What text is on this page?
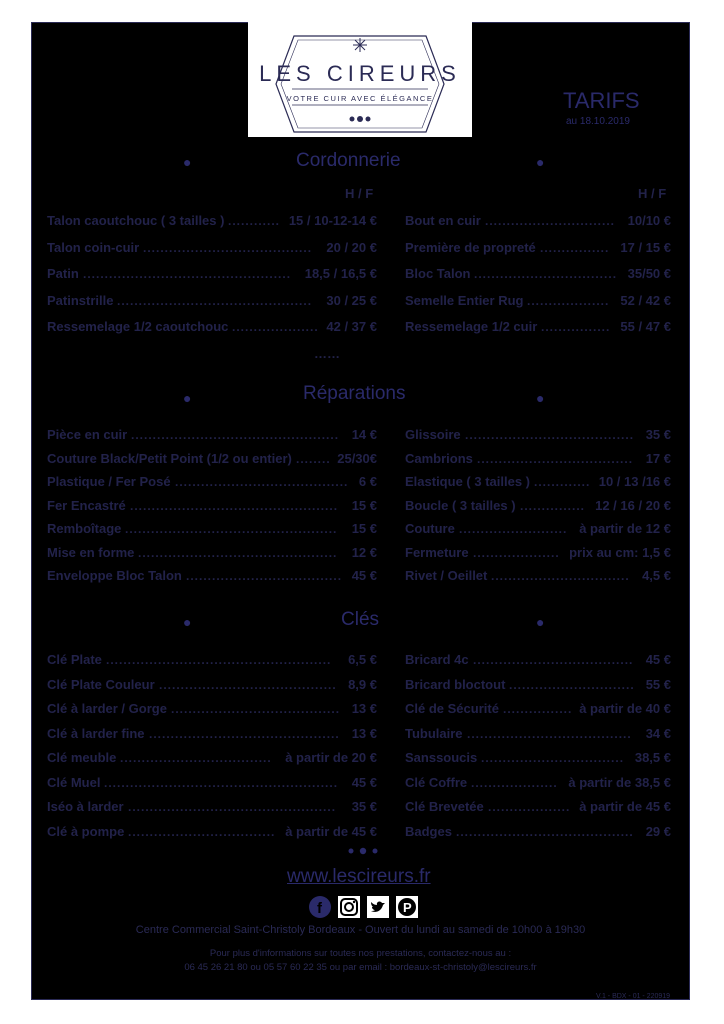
LES CIREURS
VOTRE CUIR AVEC ÉLÉGANCE	TARIFS
au 18.10.2019
●	Cordonnerie	●
H / F	H / F
Talon caoutchouc ( 3 tailles ) ............ 15 / 10-12-14 €
Talon coin-cuir .......................................	20 / 20 €
Patin ................................................	18,5 / 16,5 €
Patinstrille .............................................	30 / 25 €
Ressemelage 1/2 caoutchouc .................... 42 / 37 €
Bout en cuir .............................. 10/10 €
Première de propreté ................ 17 / 15 €
Bloc Talon ................................. 35/50 €
Semelle Entier Rug ................... 52 / 42 €
Ressemelage 1/2 cuir ................ 55 / 47 €
……
●	Réparations	●
Pièce en cuir ................................................ 14 €
Couture Black/Petit Point (1/2 ou entier) ........ 25/30€
Plastique / Fer Posé ........................................ 6 €
Fer Encastré ................................................	15 €
Remboîtage .................................................	15 €
Mise en forme ..............................................	12 €
Enveloppe Bloc Talon .................................... 45 €
Glissoire ....................................... 35 €
Cambrions .................................... 17 €
Elastique ( 3 tailles ) ............. 10 / 13 /16 €
Boucle ( 3 tailles ) ............... 12 / 16 / 20 €
Couture ......................... à partir de 12 €
Fermeture .................... prix au cm: 1,5 €
Rivet / Oeillet ................................ 4,5 €
●	Clés	●
Clé Plate ....................................................	6,5 €
Clé Plate Couleur ......................................... 8,9 €
Clé à larder / Gorge ....................................... 13 €
Clé à larder fine ............................................ 13 €
Clé meuble ...................................	à partir de 20 €
Clé Muel ......................................................	45 €
Iséo à larder ................................................	35 €
Clé à pompe .................................. à partir de 45 €
Bricard 4c ..................................... 45 €
Bricard bloctout ............................. 55 €
Clé de Sécurité ................ à partir de 40 €
Tubulaire ......................................	34 €
Sanssoucis ................................. 38,5 €
Clé Coffre .................... à partir de 38,5 €
Clé Brevetée ................... à partir de 45 €
Badges ......................................... 29 €
www.lescireurs.fr
f	P
Centre Commercial Saint-Christoly Bordeaux - Ouvert du lundi au samedi de 10h00 à 19h30
Pour plus d'informations sur toutes nos prestations, contactez-nous au :
06 45 26 21 80 ou 05 57 60 22 35 ou par email : bordeaux-st-christoly@lescireurs.fr
V.1 - BDX - 01 - 220919
